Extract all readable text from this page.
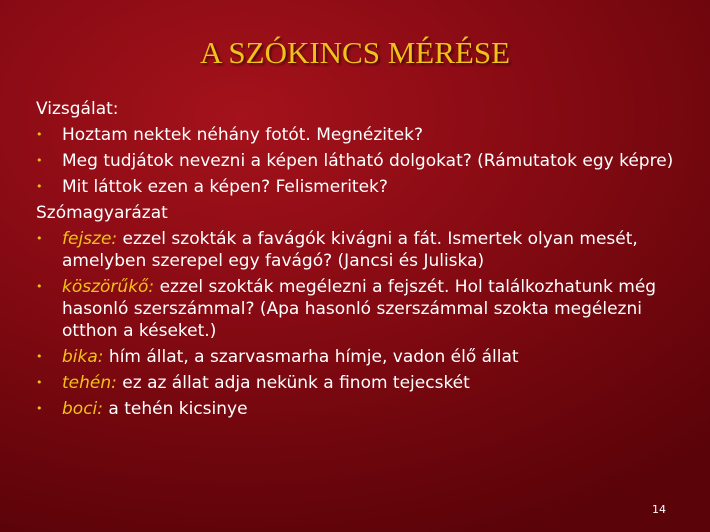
A SZÓKINCS MÉRÉSE
Vizsgálat:
• Hoztam nektek néhány fotót. Megnézitek?
• Meg tudjátok nevezni a képen látható dolgokat? (Rámutatok egy képre)
• Mit láttok ezen a képen? Felismeritek?
Szómagyarázat
• fejsze: ezzel szokták a favágók kivágni a fát. Ismertek olyan mesét, amelyben szerepel egy favágó? (Jancsi és Juliska)
• köszörűkő: ezzel szokták megélezni a fejszét. Hol találkozhatunk még hasonló szerszámmal? (Apa hasonló szerszámmal szokta megélezni otthon a késeket.)
• bika: hím állat, a szarvasmarha hímje, vadon élő állat
• tehén: ez az állat adja nekünk a finom tejecskét
• boci: a tehén kicsinye
14
